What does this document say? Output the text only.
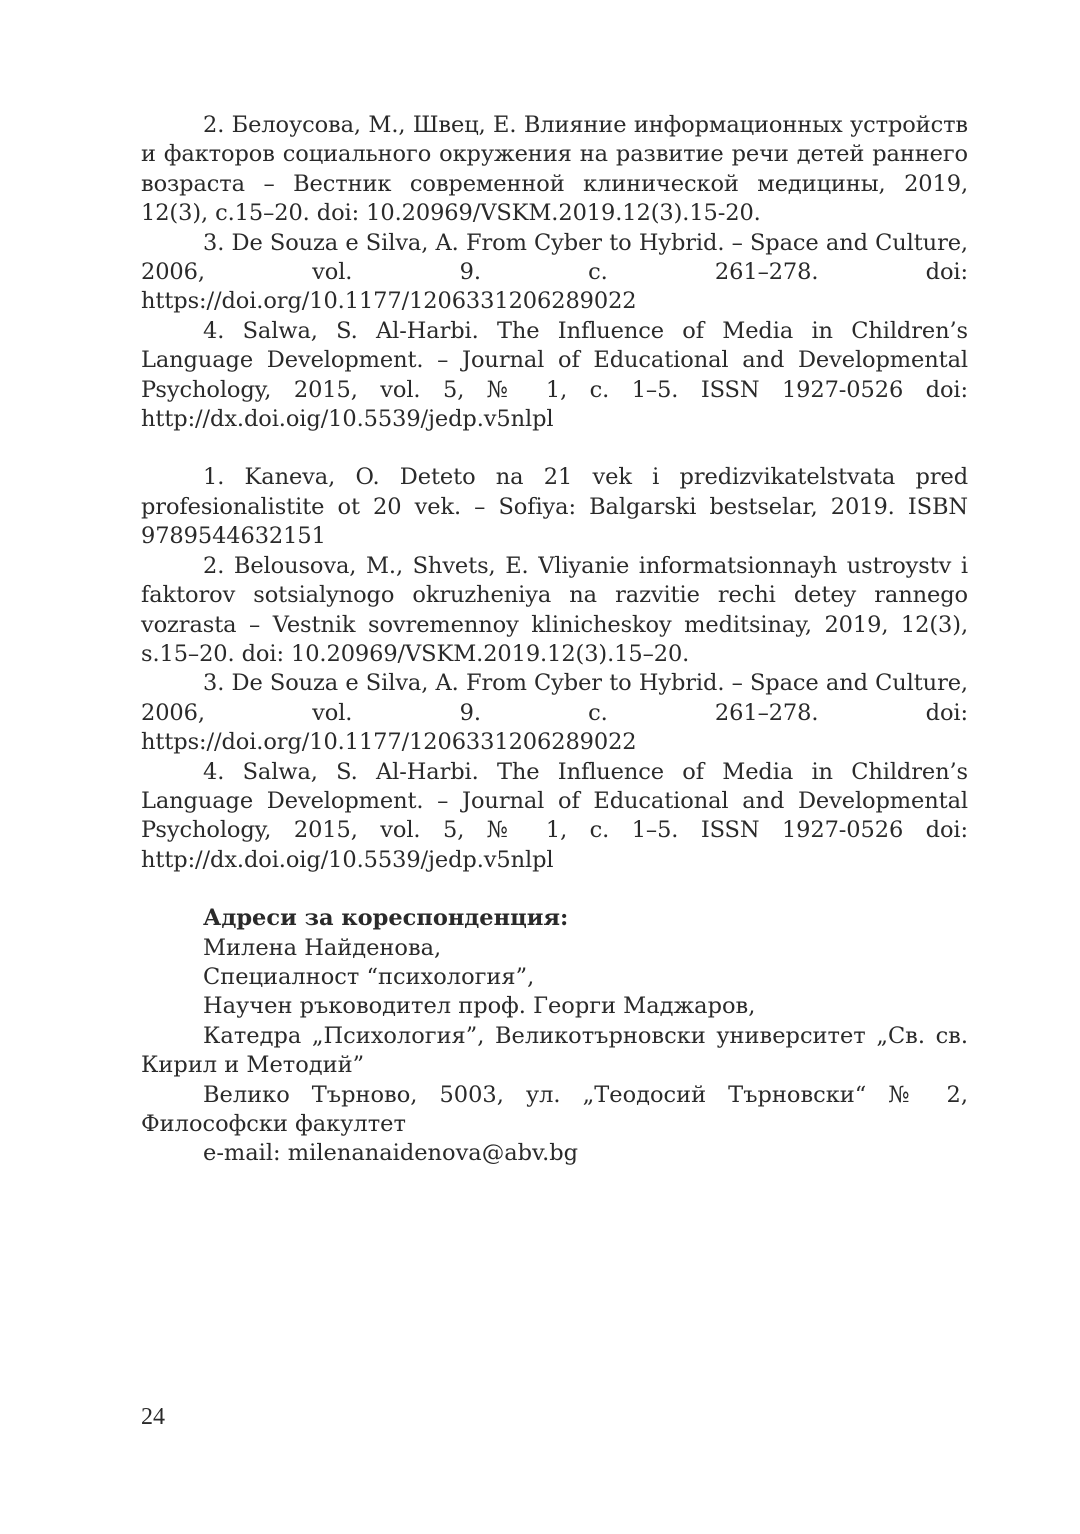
2. Белоусова, М., Швец, Е. Влияние информационных устройств и факторов социального окружения на развитие речи детей раннего возраста – Вестник современной клинической медицины, 2019, 12(3), с.15–20. doi: 10.20969/VSKM.2019.12(3).15-20.

3. De Souza e Silva, A. From Cyber to Hybrid. – Space and Culture, 2006, vol. 9. c. 261–278. doi: https://doi.org/10.1177/1206331206289022

4. Salwa, S. Al-Harbi. The Influence of Media in Children’s Language Development. – Journal of Educational and Developmental Psychology, 2015, vol. 5, № 1, c. 1–5. ISSN 1927-0526 doi: http://dx.doi.oig/10.5539/jedp.v5nlpl

1. Kaneva, O. Deteto na 21 vek i predizvikatelstvata pred profesionalistite ot 20 vek. – Sofiya: Balgarski bestselar, 2019. ISBN 9789544632151

2. Belousova, M., Shvets, E. Vliyanie informatsionnayh ustroystv i faktorov sotsialynogo okruzheniya na razvitie rechi detey rannego vozrasta – Vestnik sovremennoy klinicheskoy meditsinay, 2019, 12(3), s.15–20. doi: 10.20969/VSKM.2019.12(3).15–20.

3. De Souza e Silva, A. From Cyber to Hybrid. – Space and Culture, 2006, vol. 9. c. 261–278. doi: https://doi.org/10.1177/1206331206289022

4. Salwa, S. Al-Harbi. The Influence of Media in Children’s Language Development. – Journal of Educational and Developmental Psychology, 2015, vol. 5, № 1, c. 1–5. ISSN 1927-0526 doi: http://dx.doi.oig/10.5539/jedp.v5nlpl

Адреси за кореспонденция:

Милена Найденова,

Специалност “психология”,

Научен ръководител проф. Георги Маджаров,

Катедра „Психология”, Великотърновски университет „Св. св. Кирил и Методий”

Велико Търново, 5003, ул. „Теодосий Търновски“ № 2, Философски факултет

e-mail: milenanaidenova@abv.bg

24
